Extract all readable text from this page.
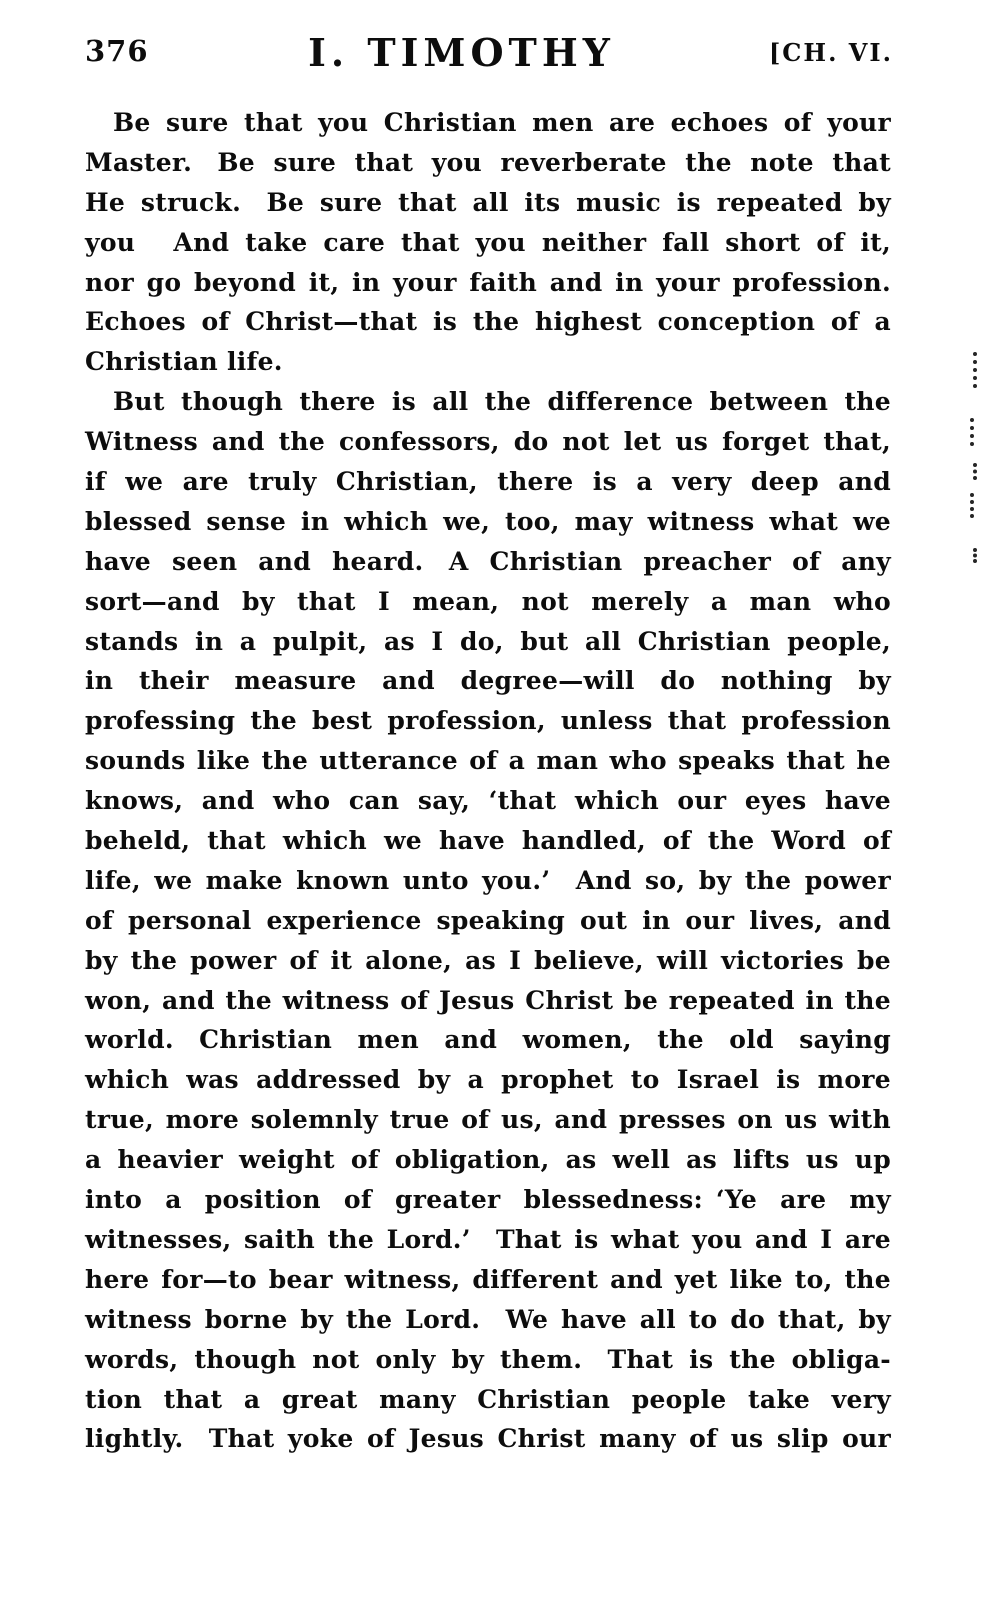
376	I. TIMOTHY	[CH. VI.
Be sure that you Christian men are echoes of your
Master. Be sure that you reverberate the note that
He struck. Be sure that all its music is repeated by
you  And take care that you neither fall short of it,
nor go beyond it, in your faith and in your profession.
Echoes of Christ—that is the highest conception of a
Christian life.
But though there is all the difference between the
Witness and the confessors, do not let us forget that,
if we are truly Christian, there is a very deep and
blessed sense in which we, too, may witness what we
have seen and heard. A Christian preacher of any
sort—and by that I mean, not merely a man who
stands in a pulpit, as I do, but all Christian people,
in their measure and degree—will do nothing by
professing the best profession, unless that profession
sounds like the utterance of a man who speaks that he
knows, and who can say, ‘that which our eyes have
beheld, that which we have handled, of the Word of
life, we make known unto you.’ And so, by the power
of personal experience speaking out in our lives, and
by the power of it alone, as I believe, will victories be
won, and the witness of Jesus Christ be repeated in the
world. Christian men and women, the old saying
which was addressed by a prophet to Israel is more
true, more solemnly true of us, and presses on us with
a heavier weight of obligation, as well as lifts us up
into a position of greater blessedness: ‘Ye are my
witnesses, saith the Lord.’ That is what you and I are
here for—to bear witness, different and yet like to, the
witness borne by the Lord. We have all to do that, by
words, though not only by them. That is the obliga-
tion that a great many Christian people take very
lightly. That yoke of Jesus Christ many of us slip our
